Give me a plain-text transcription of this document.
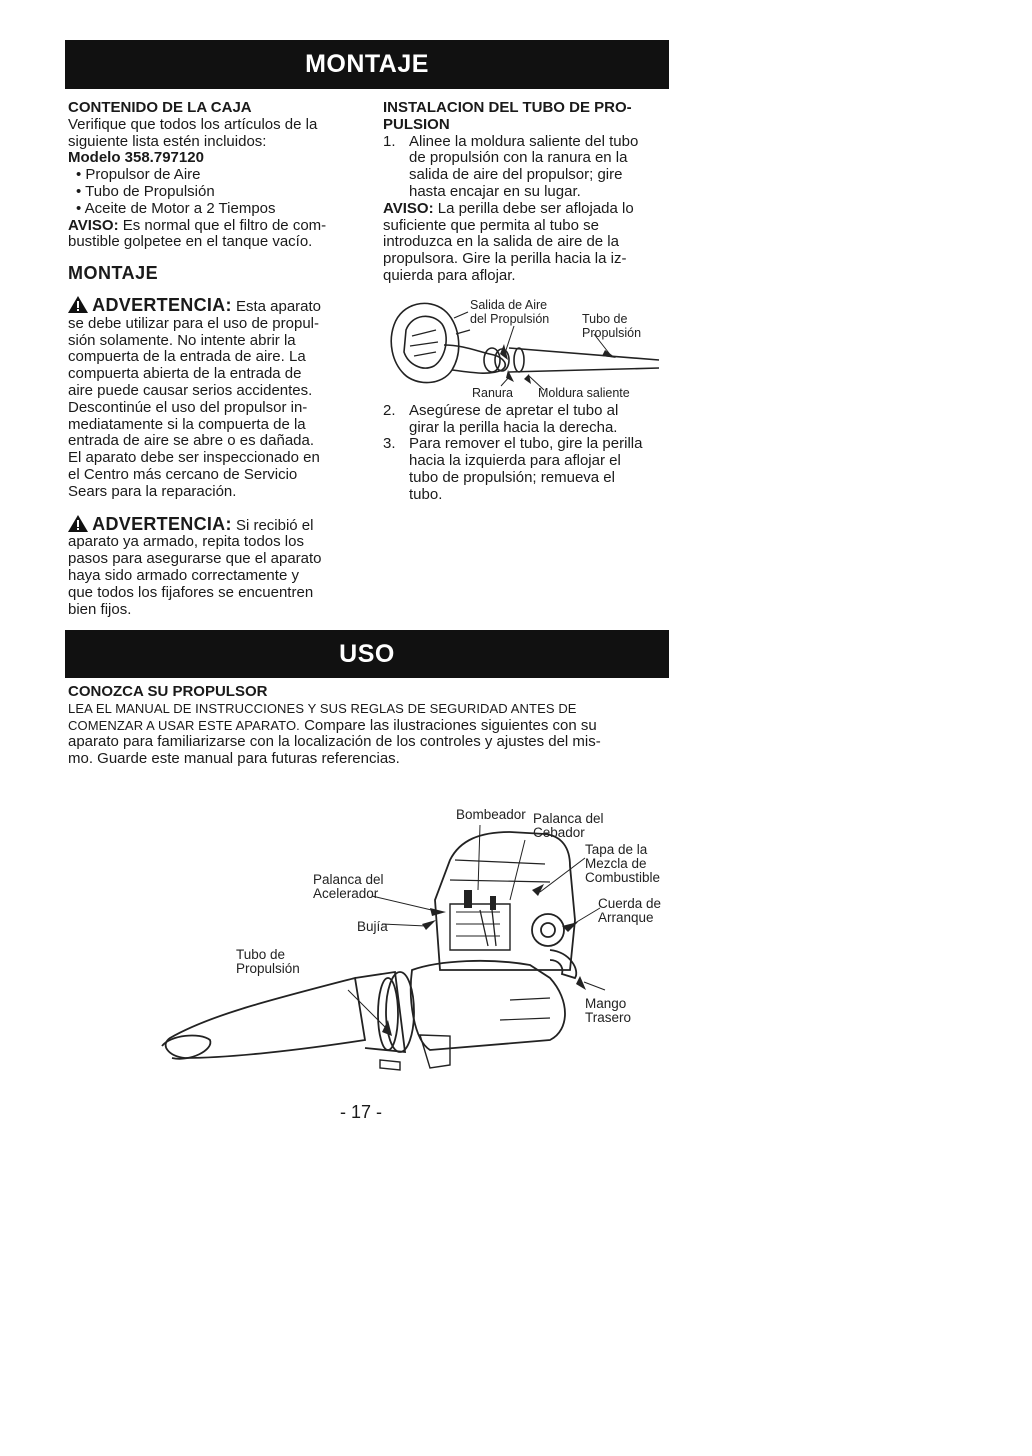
MONTAJE
CONTENIDO DE LA CAJA
Verifique que todos los artículos de la
siguiente lista estén incluidos:
Modelo 358.797120
• Propulsor de Aire
• Tubo de Propulsión
• Aceite de Motor a 2 Tiempos
AVISO: Es normal que el filtro de com-
bustible golpetee en el tanque vacío.
MONTAJE
ADVERTENCIA: Esta aparato
se debe utilizar para el uso de propul-
sión solamente. No intente abrir la
compuerta de la entrada de aire. La
compuerta abierta de la entrada de
aire puede causar serios accidentes.
Descontinúe el uso del propulsor in-
mediatamente si la compuerta de la
entrada de aire se abre o es dañada.
El aparato debe ser inspeccionado en
el Centro más cercano de Servicio
Sears para la reparación.
ADVERTENCIA: Si recibió el
aparato ya armado, repita todos los
pasos para asegurarse que el aparato
haya sido armado correctamente y
que todos los fijafores se encuentren
bien fijos.
INSTALACION DEL TUBO DE PRO-
PULSION
1. Alinee la moldura saliente del tubo
de propulsión con la ranura en la
salida de aire del propulsor; gire
hasta encajar en su lugar.
AVISO: La perilla debe ser aflojada lo
suficiente que permita al tubo se
introduzca en la salida de aire de la
propulsora. Gire la perilla hacia la iz-
quierda para aflojar.
2. Asegúrese de apretar el tubo al
girar la perilla hacia la derecha.
3. Para remover el tubo, gire la perilla
hacia la izquierda para aflojar el
tubo de propulsión; remueva el
tubo.
Salida de Aire
del Propulsión	Tubo de
Propulsión
Ranura Moldura saliente
USO
CONOZCA SU PROPULSOR
LEA EL MANUAL DE INSTRUCCIONES Y SUS REGLAS DE SEGURIDAD ANTES DE
COMENZAR A USAR ESTE APARATO. Compare las ilustraciones siguientes con su
aparato para familiarizarse con la localización de los controles y ajustes del mis-
mo. Guarde este manual para futuras referencias.
Bombeador Palanca del
Cebador
Tapa de la
Mezcla de
Combustible
Cuerda de
Arranque
Palanca del
Acelerador
Bujía
Tubo de
Propulsión
Mango
Trasero
- 17 -
